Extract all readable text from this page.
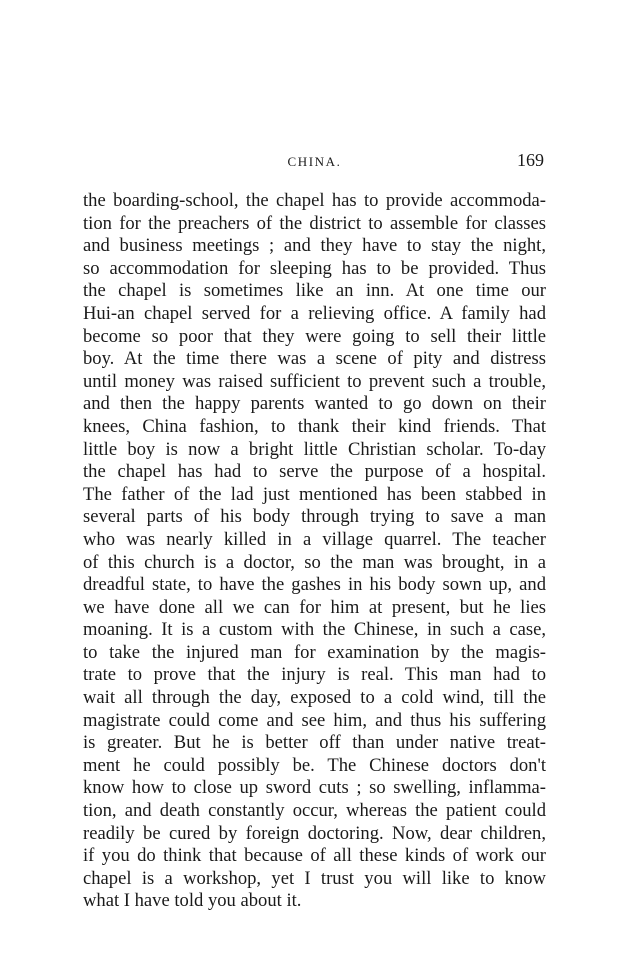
CHINA.	169
the boarding-school, the chapel has to provide accommoda-
tion for the preachers of the district to assemble for classes
and business meetings ; and they have to stay the night,
so accommodation for sleeping has to be provided. Thus
the chapel is sometimes like an inn. At one time our
Hui-an chapel served for a relieving office. A family had
become so poor that they were going to sell their little
boy. At the time there was a scene of pity and distress
until money was raised sufficient to prevent such a trouble,
and then the happy parents wanted to go down on their
knees, China fashion, to thank their kind friends. That
little boy is now a bright little Christian scholar. To-day
the chapel has had to serve the purpose of a hospital.
The father of the lad just mentioned has been stabbed in
several parts of his body through trying to save a man
who was nearly killed in a village quarrel. The teacher
of this church is a doctor, so the man was brought, in a
dreadful state, to have the gashes in his body sown up, and
we have done all we can for him at present, but he lies
moaning. It is a custom with the Chinese, in such a case,
to take the injured man for examination by the magis-
trate to prove that the injury is real. This man had to
wait all through the day, exposed to a cold wind, till the
magistrate could come and see him, and thus his suffering
is greater. But he is better off than under native treat-
ment he could possibly be. The Chinese doctors don't
know how to close up sword cuts ; so swelling, inflamma-
tion, and death constantly occur, whereas the patient could
readily be cured by foreign doctoring. Now, dear children,
if you do think that because of all these kinds of work our
chapel is a workshop, yet I trust you will like to know
what I have told you about it.
